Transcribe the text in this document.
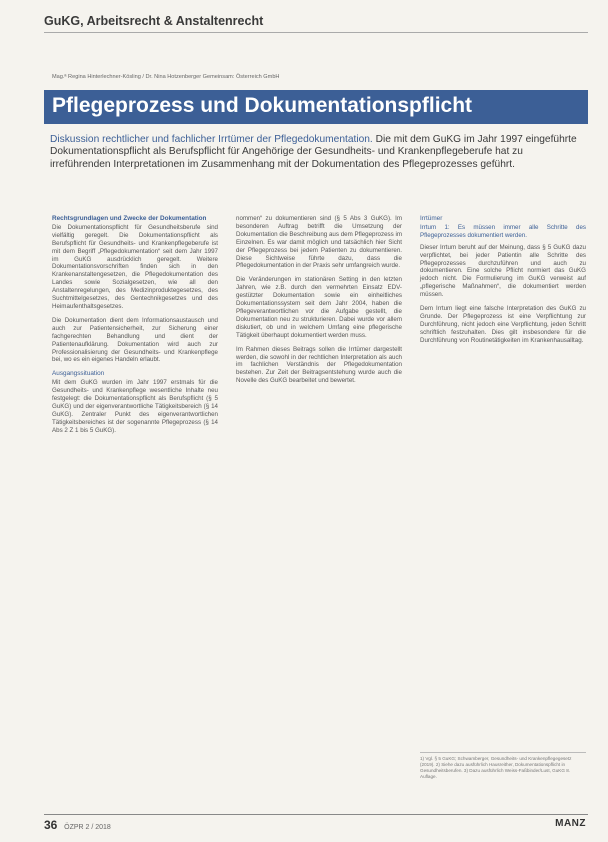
GuKG, Arbeitsrecht & Anstaltenrecht
Mag.ª Regina Hinterlechner-Kösling / Dr. Nina Hotzenberger Gemeinsam: Österreich GmbH
Pflegeprozess und Dokumentationspflicht
Diskussion rechtlicher und fachlicher Irrtümer der Pflegedokumentation. Die mit dem GuKG im Jahr 1997 eingeführte Dokumentationspflicht als Berufspflicht für Angehörige der Gesundheits- und Krankenpflegeberufe hat zu irreführenden Interpretationen im Zusammenhang mit der Dokumentation des Pflegeprozesses geführt.
Rechtsgrundlagen und Zwecke der Dokumentation

Die Dokumentationspflicht für Gesundheitsberufe sind vielfältig geregelt. Die Dokumentationspflicht als Berufspflicht für Gesundheits- und Krankenpflegeberufe ist mit dem Begriff „Pflegedokumentation“ seit dem Jahr 1997 im GuKG ausdrücklich geregelt. Weitere Dokumentationsvorschriften finden sich in den Krankenanstaltengesetzen, die Pflegedokumentation des Landes sowie Sozialgesetzen, wie all den Anstaltenregelungen, des Medizinproduktegesetzes, des Suchtmittelgesetzes, des Gentechnikgesetzes und des Heimaufenthaltsgesetzes.

Die Dokumentation dient dem Informationsaustausch und auch zur Patientensicherheit, zur Sicherung einer fachgerechten Behandlung und dient der Patientenaufklärung. Dokumentation wird auch zur Professionalisierung der Gesundheits- und Krankenpflege bei, wo es ein eigenes Handeln erlaubt.

Ausgangssituation

Mit dem GuKG wurden im Jahr 1997 erstmals für die Gesundheits- und Krankenpflege wesentliche Inhalte neu festgelegt: die Dokumentationspflicht als Berufspflicht (§ 5 GuKG) und der eigenverantwortliche Tätigkeitsbereich (§ 14 GuKG). Zentraler Punkt des eigenverantwortlichen Tätigkeitsbereiches ist der sogenannte Pflegeprozess (§ 14 Abs 2 Z 1 bis 5 GuKG).

nommen“ zu dokumentieren sind (§ 5 Abs 3 GuKG). Im besonderen Auftrag betrifft die Umsetzung der Dokumentation die Beschreibung aus dem Pflegeprozess im Einzelnen. Es war damit möglich und tatsächlich hier Sicht der Pflegeprozess bei jedem Patienten zu dokumentieren. Diese Sichtweise führte dazu, dass die Pflegedokumentation in der Praxis sehr umfangreich wurde.

Die Veränderungen im stationären Setting in den letzten Jahren, wie z.B. durch den vermehrten Einsatz EDV-gestützter Dokumentation sowie ein einheitliches Dokumentationssystem seit dem Jahr 2004, haben die Pflegeverantwortlichen vor die Aufgabe gestellt, die Dokumentation neu zu strukturieren. Dabei wurde vor allem diskutiert, ob und in welchem Umfang eine pflegerische Tätigkeit überhaupt dokumentiert werden muss.

Im Rahmen dieses Beitrags sollen die Irrtümer dargestellt werden, die sowohl in der rechtlichen Interpretation als auch im fachlichen Verständnis der Pflegedokumentation bestehen. Zur Zeit der Beitragsentstehung wurde auch die Novelle des GuKG bearbeitet und bewertet.

Irrtümer
Irrtum 1: Es müssen immer alle Schritte des Pflegeprozesses dokumentiert werden.

Dieser Irrtum beruht auf der Meinung, dass § 5 GuKG dazu verpflichtet, bei jeder Patientin alle Schritte des Pflegeprozesses durchzuführen und auch zu dokumentieren. Eine solche Pflicht normiert das GuKG jedoch nicht. Die Formulierung im GuKG verweist auf „pflegerische Maßnahmen“, die dokumentiert werden müssen.

Dem Irrtum liegt eine falsche Interpretation des GuKG zu Grunde. Der Pflegeprozess ist eine Verpflichtung zur Durchführung, nicht jedoch eine Verpflichtung, jeden Schritt schriftlich festzuhalten. Dies gilt insbesondere für die Durchführung von Routinetätigkeiten im Krankenhausalltag.

1) Vgl. § 5 GuKG; Schwamberger, Gesundheits- und Krankenpflegegesetz (2019). 2) Siehe dazu ausführlich Hausreither, Dokumentationspflicht in Gesundheitsberufen. 3) Dazu ausführlich Weiss-Faßbinder/Lust, GuKG 8. Auflage.
36 ÖZPR 2 / 2018	MANZ
